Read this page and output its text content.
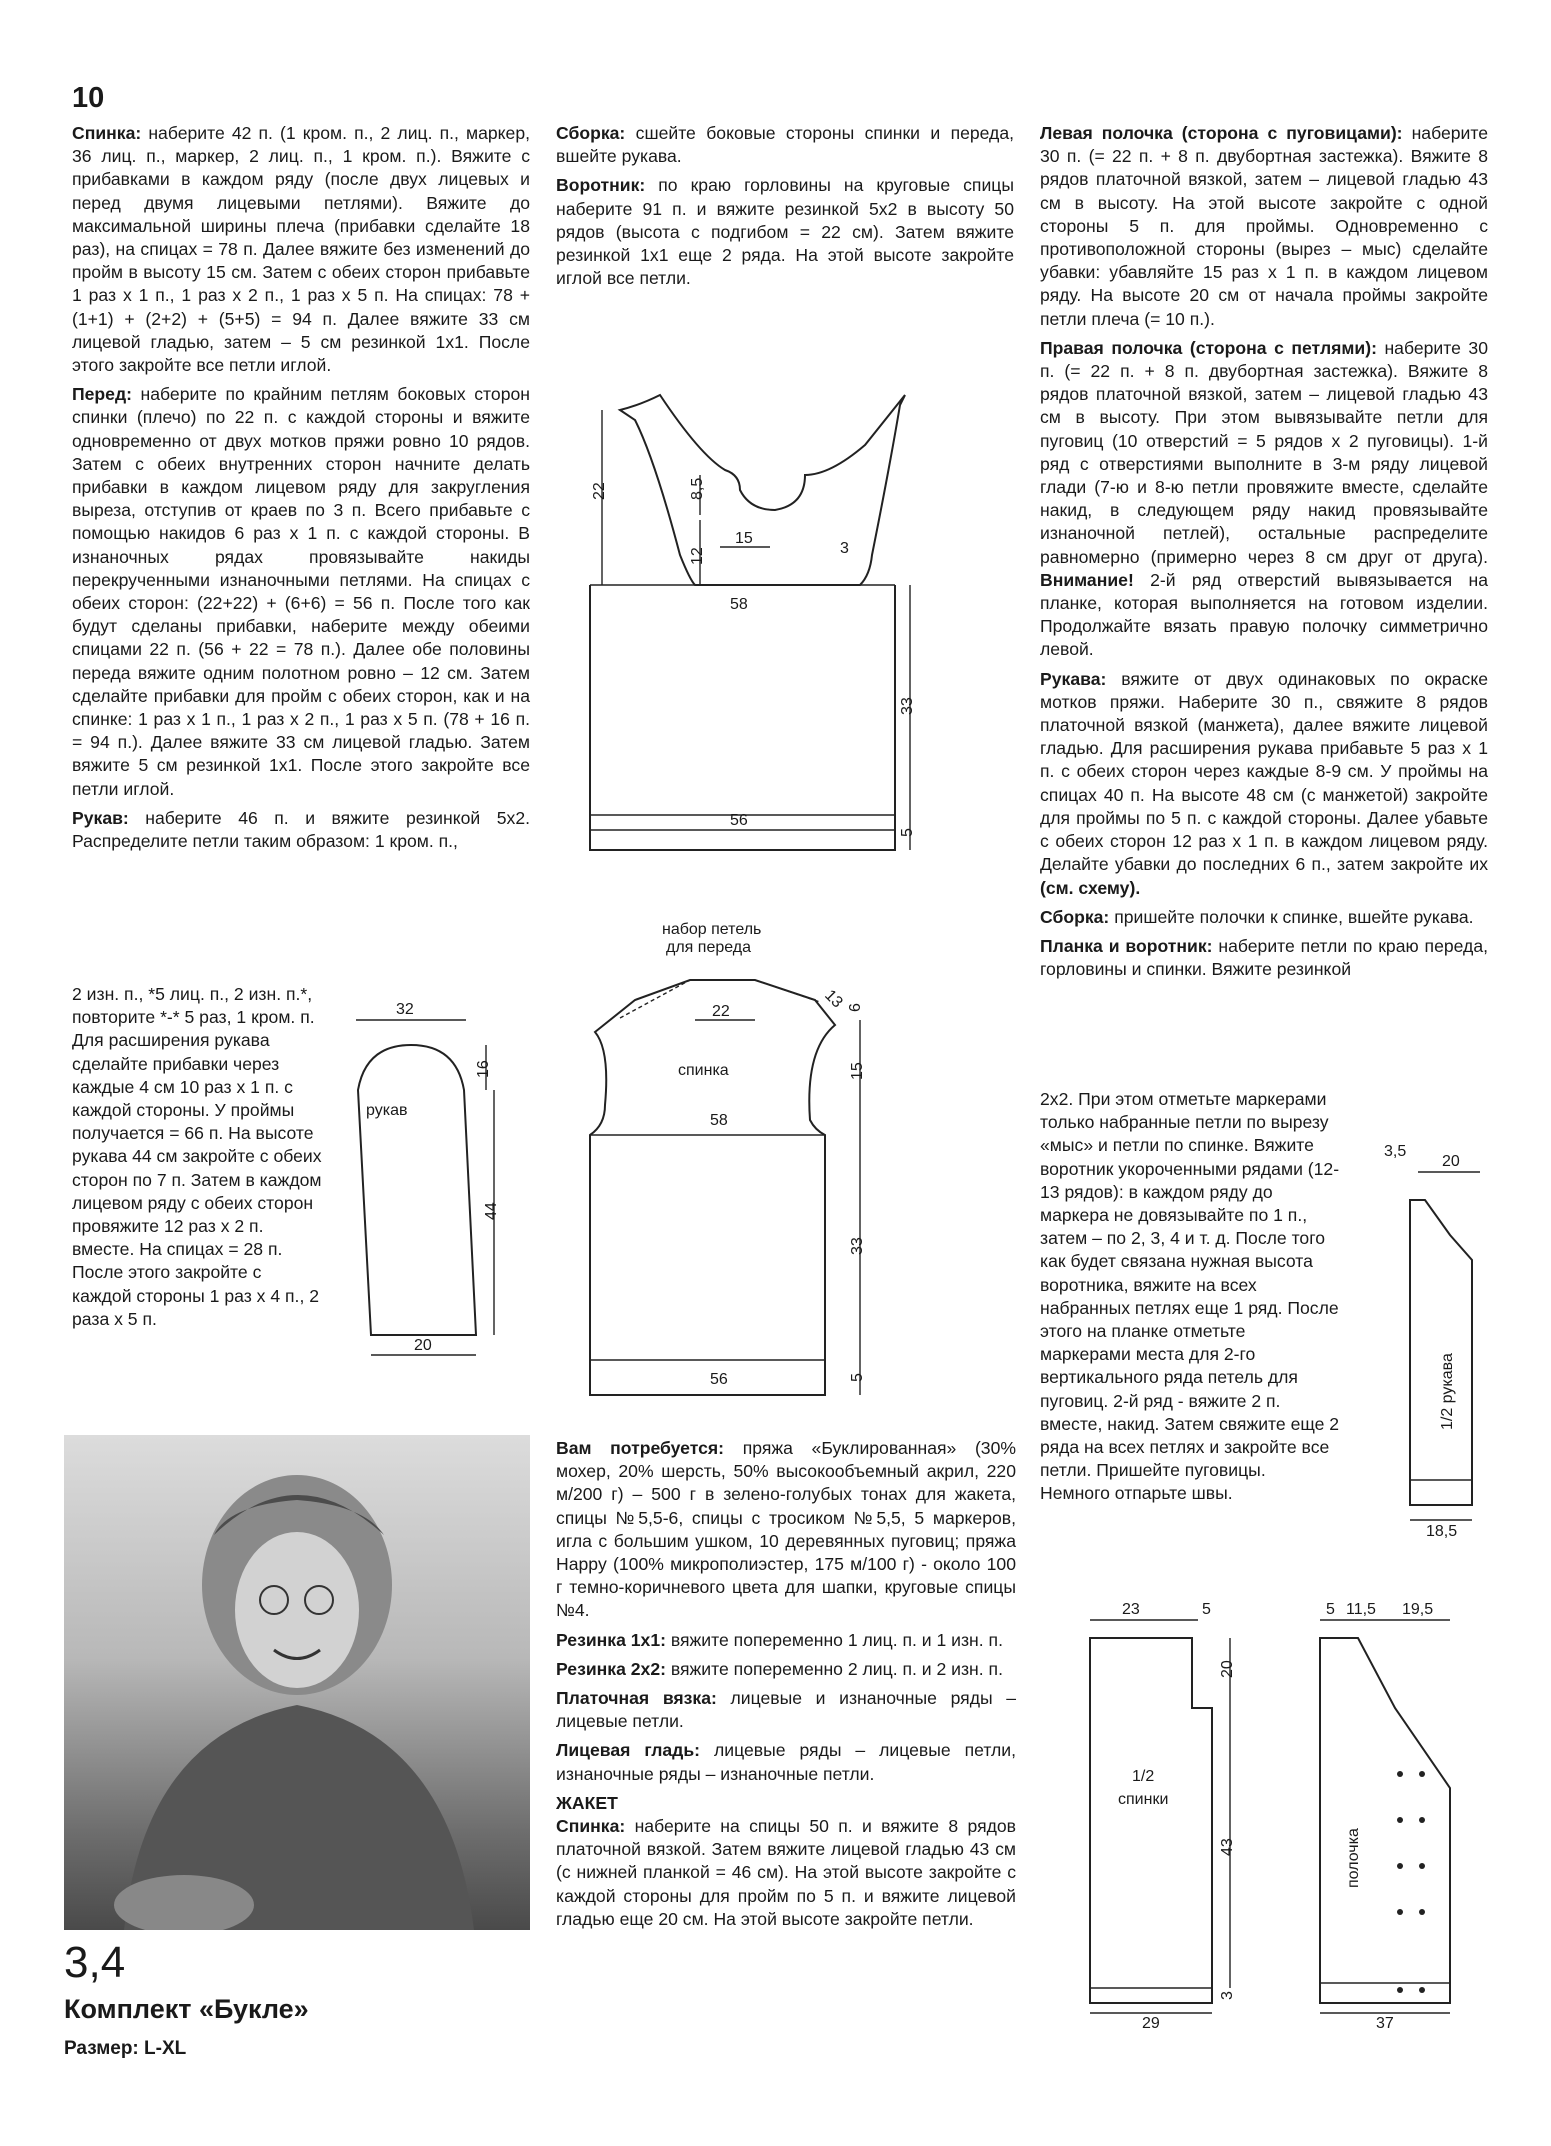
10

Спинка: наберите 42 п. (1 кром. п., 2 лиц. п., маркер, 36 лиц. п., маркер, 2 лиц. п., 1 кром. п.). Вяжите с прибавками в каждом ряду (после двух лицевых и перед двумя лицевыми петлями). Вяжите до максимальной ширины плеча (прибавки сделайте 18 раз), на спицах = 78 п. Далее вяжите без изменений до пройм в высоту 15 см. Затем с обеих сторон прибавьте 1 раз х 1 п., 1 раз х 2 п., 1 раз х 5 п. На спицах: 78 + (1+1) + (2+2) + (5+5) = 94 п. Далее вяжите 33 см лицевой гладью, затем – 5 см резинкой 1х1. После этого закройте все петли иглой.

Перед: наберите по крайним петлям боковых сторон спинки (плечо) по 22 п. с каждой стороны и вяжите одновременно от двух мотков пряжи ровно 10 рядов. Затем с обеих внутренних сторон начните делать прибавки в каждом лицевом ряду для закругления выреза, отступив от краев по 3 п. Всего прибавьте с помощью накидов 6 раз х 1 п. с каждой стороны. В изнаночных рядах провязывайте накиды перекрученными изнаночными петлями. На спицах с обеих сторон: (22+22) + (6+6) = 56 п. После того как будут сделаны прибавки, наберите между обеими спицами 22 п. (56 + 22 = 78 п.). Далее обе половины переда вяжите одним полотном ровно – 12 см. Затем сделайте прибавки для пройм с обеих сторон, как и на спинке: 1 раз х 1 п., 1 раз х 2 п., 1 раз х 5 п. (78 + 16 п. = 94 п.). Далее вяжите 33 см лицевой гладью. Затем вяжите 5 см резинкой 1х1. После этого закройте все петли иглой.

Рукав: наберите 46 п. и вяжите резинкой 5х2. Распределите петли таким образом: 1 кром. п.,

2 изн. п., *5 лиц. п., 2 изн. п.*, повторите *-* 5 раз, 1 кром. п. Для расширения рукава сделайте прибавки через каждые 4 см 10 раз х 1 п. с каждой стороны. У проймы получается = 66 п. На высоте рукава 44 см закройте с обеих сторон по 7 п. Затем в каждом лицевом ряду с обеих сторон провяжите 12 раз х 2 п. вместе. На спицах = 28 п. После этого закройте с каждой стороны 1 раз х 4 п., 2 раза х 5 п.

Сборка: сшейте боковые стороны спинки и переда, вшейте рукава.

Воротник: по краю горловины на круговые спицы наберите 91 п. и вяжите резинкой 5х2 в высоту 50 рядов (высота с подгибом = 22 см). Затем вяжите резинкой 1х1 еще 2 ряда. На этой высоте закройте иглой все петли.

Левая полочка (сторона с пуговицами): наберите 30 п. (= 22 п. + 8 п. двубортная застежка). Вяжите 8 рядов платочной вязкой, затем – лицевой гладью 43 см в высоту. На этой высоте закройте с одной стороны 5 п. для проймы. Одновременно с противоположной стороны (вырез – мыс) сделайте убавки: убавляйте 15 раз х 1 п. в каждом лицевом ряду. На высоте 20 см от начала проймы закройте петли плеча (= 10 п.).

Правая полочка (сторона с петлями): наберите 30 п. (= 22 п. + 8 п. двубортная застежка). Вяжите 8 рядов платочной вязкой, затем – лицевой гладью 43 см в высоту. При этом вывязывайте петли для пуговиц (10 отверстий = 5 рядов х 2 пуговицы). 1-й ряд с отверстиями выполните в 3-м ряду лицевой глади (7-ю и 8-ю петли провяжите вместе, сделайте накид, в следующем ряду накид провязывайте изнаночной петлей), остальные распределите равномерно (примерно через 8 см друг от друга). Внимание! 2-й ряд отверстий вывязывается на планке, которая выполняется на готовом изделии. Продолжайте вязать правую полочку симметрично левой.

Рукава: вяжите от двух одинаковых по окраске мотков пряжи. Наберите 30 п., свяжите 8 рядов платочной вязкой (манжета), далее вяжите лицевой гладью. Для расширения рукава прибавьте 5 раз х 1 п. с обеих сторон через каждые 8-9 см. У проймы на спицах 40 п. На высоте 48 см (с манжетой) закройте для проймы по 5 п. с каждой стороны. Далее убавьте с обеих сторон 12 раз х 1 п. в каждом лицевом ряду. Делайте убавки до последних 6 п., затем закройте их (см. схему).

Сборка: пришейте полочки к спинке, вшейте рукава.

Планка и воротник: наберите петли по краю переда, горловины и спинки. Вяжите резинкой

2х2. При этом отметьте маркерами только набранные петли по вырезу «мыс» и петли по спинке. Вяжите воротник укороченными рядами (12-13 рядов): в каждом ряду до маркера не довязывайте по 1 п., затем – по 2, 3, 4 и т. д. После того как будет связана нужная высота воротника, вяжите на всех набранных петлях еще 1 ряд. После этого на планке отметьте маркерами места для 2-го вертикального ряда петель для пуговиц. 2-й ряд - вяжите 2 п. вместе, накид. Затем свяжите еще 2 ряда на всех петлях и закройте все петли. Пришейте пуговицы. Немного отпарьте швы.
3,4
Комплект «Букле»
Размер: L-XL

Вам потребуется: пряжа «Буклированная» (30% мохер, 20% шерсть, 50% высокообъемный акрил, 220 м/200 г) – 500 г в зелено-голубых тонах для жакета, спицы №5,5-6, спицы с тросиком №5,5, 5 маркеров, игла с большим ушком, 10 деревянных пуговиц; пряжа Happy (100% микрополиэстер, 175 м/100 г) - около 100 г темно-коричневого цвета для шапки, круговые спицы №4.

Резинка 1х1: вяжите попеременно 1 лиц. п. и 1 изн. п.

Резинка 2х2: вяжите попеременно 2 лиц. п. и 2 изн. п.

Платочная вязка: лицевые и изнаночные ряды – лицевые петли.

Лицевая гладь: лицевые ряды – лицевые петли, изнаночные ряды – изнаночные петли.

ЖАКЕТ

Спинка: наберите на спицы 50 п. и вяжите 8 рядов платочной вязкой. Затем вяжите лицевой гладью 43 см (с нижней планкой = 46 см). На этой высоте закройте с каждой стороны для пройм по 5 п. и вяжите лицевой гладью еще 20 см. На этой высоте закройте петли.

22	8,5
12
15
3
58
33
56
5
набор петель
для переда
22
13 6
спинка	15
58
33
56	5
32
16
рукав
44
20
3,5
20
1/2 рукава
18,5
23	5
20
1/2
спинки
43
3
29
5 11,5 19,5
полочка
37
